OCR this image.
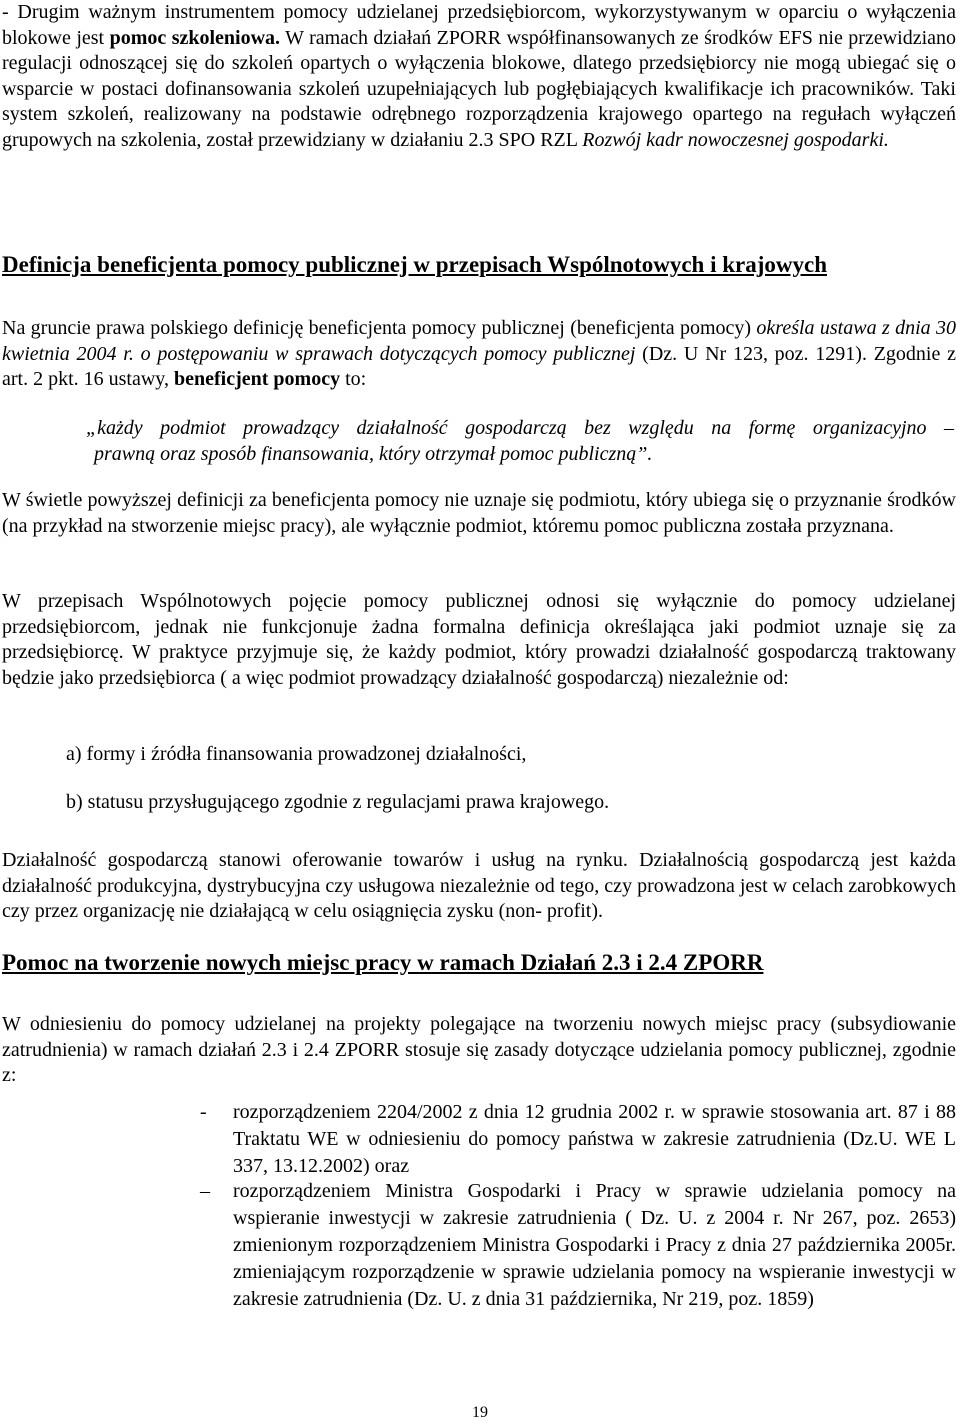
- Drugim ważnym instrumentem pomocy udzielanej przedsiębiorcom, wykorzystywanym w oparciu o wyłączenia blokowe jest pomoc szkoleniowa. W ramach działań ZPORR współfinansowanych ze środków EFS nie przewidziano regulacji odnoszącej się do szkoleń opartych o wyłączenia blokowe, dlatego przedsiębiorcy nie mogą ubiegać się o wsparcie w postaci dofinansowania szkoleń uzupełniających lub pogłębiających kwalifikacje ich pracowników. Taki system szkoleń, realizowany na podstawie odrębnego rozporządzenia krajowego opartego na regułach wyłączeń grupowych na szkolenia, został przewidziany w działaniu 2.3 SPO RZL Rozwój kadr nowoczesnej gospodarki.

Definicja beneficjenta pomocy publicznej w przepisach Wspólnotowych i krajowych

Na gruncie prawa polskiego definicję beneficjenta pomocy publicznej (beneficjenta pomocy) określa ustawa z dnia 30 kwietnia 2004 r. o postępowaniu w sprawach dotyczących pomocy publicznej (Dz. U Nr 123, poz. 1291). Zgodnie z art. 2 pkt. 16 ustawy, beneficjent pomocy to:

„każdy podmiot prowadzący działalność gospodarczą bez względu na formę organizacyjno –
prawną oraz sposób finansowania, który otrzymał pomoc publiczną”.

W świetle powyższej definicji za beneficjenta pomocy nie uznaje się podmiotu, który ubiega się o przyznanie środków (na przykład na stworzenie miejsc pracy), ale wyłącznie podmiot, któremu pomoc publiczna została przyznana.

W przepisach Wspólnotowych pojęcie pomocy publicznej odnosi się wyłącznie do pomocy udzielanej przedsiębiorcom, jednak nie funkcjonuje żadna formalna definicja określająca jaki podmiot uznaje się za przedsiębiorcę. W praktyce przyjmuje się, że każdy podmiot, który prowadzi działalność gospodarczą traktowany będzie jako przedsiębiorca ( a więc podmiot prowadzący działalność gospodarczą) niezależnie od:

a) formy i źródła finansowania prowadzonej działalności,

b) statusu przysługującego zgodnie z regulacjami prawa krajowego.

Działalność gospodarczą stanowi oferowanie towarów i usług na rynku. Działalnością gospodarczą jest każda działalność produkcyjna, dystrybucyjna czy usługowa niezależnie od tego, czy prowadzona jest w celach zarobkowych czy przez organizację nie działającą w celu osiągnięcia zysku (non- profit).

Pomoc na tworzenie nowych miejsc pracy w ramach Działań 2.3 i 2.4 ZPORR

W odniesieniu do pomocy udzielanej na projekty polegające na tworzeniu nowych miejsc pracy (subsydiowanie zatrudnienia) w ramach działań 2.3 i 2.4 ZPORR stosuje się zasady dotyczące udzielania pomocy publicznej, zgodnie z:

- rozporządzeniem 2204/2002 z dnia 12 grudnia 2002 r. w sprawie stosowania art. 87 i 88 Traktatu WE w odniesieniu do pomocy państwa w zakresie zatrudnienia (Dz.U. WE L 337, 13.12.2002) oraz
– rozporządzeniem Ministra Gospodarki i Pracy w sprawie udzielania pomocy na wspieranie inwestycji w zakresie zatrudnienia ( Dz. U. z 2004 r. Nr 267, poz. 2653) zmienionym rozporządzeniem Ministra Gospodarki i Pracy z dnia 27 października 2005r. zmieniającym rozporządzenie w sprawie udzielania pomocy na wspieranie inwestycji w zakresie zatrudnienia (Dz. U. z dnia 31 października, Nr 219, poz. 1859)
19
